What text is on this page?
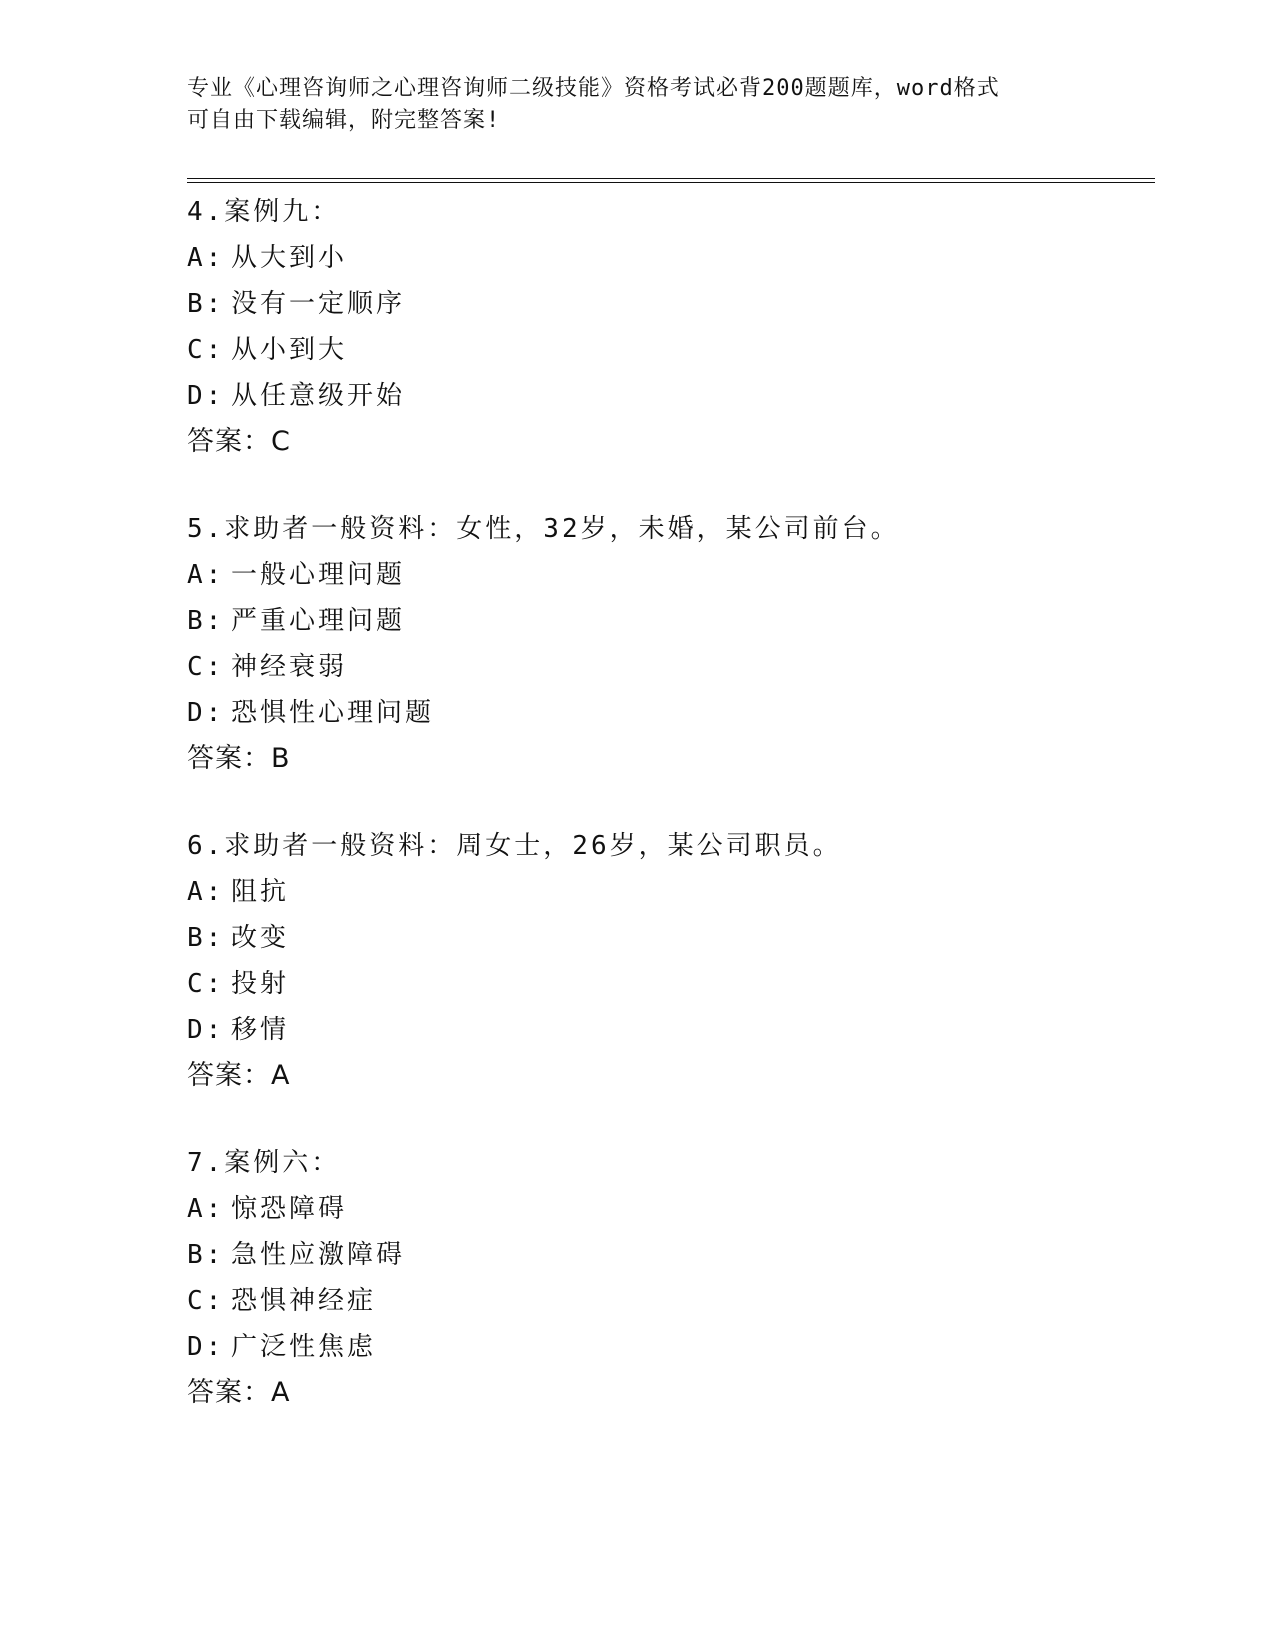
专业《心理咨询师之心理咨询师二级技能》资格考试必背200题题库，word格式
可自由下载编辑，附完整答案!
4.案例九：
A: 从大到小
B: 没有一定顺序
C: 从小到大
D: 从任意级开始
答案：C
5.求助者一般资料：女性，32岁，未婚，某公司前台。
A: 一般心理问题
B: 严重心理问题
C: 神经衰弱
D: 恐惧性心理问题
答案：B
6.求助者一般资料：周女士，26岁，某公司职员。
A: 阻抗
B: 改变
C: 投射
D: 移情
答案：A
7.案例六：
A: 惊恐障碍
B: 急性应激障碍
C: 恐惧神经症
D: 广泛性焦虑
答案：A
